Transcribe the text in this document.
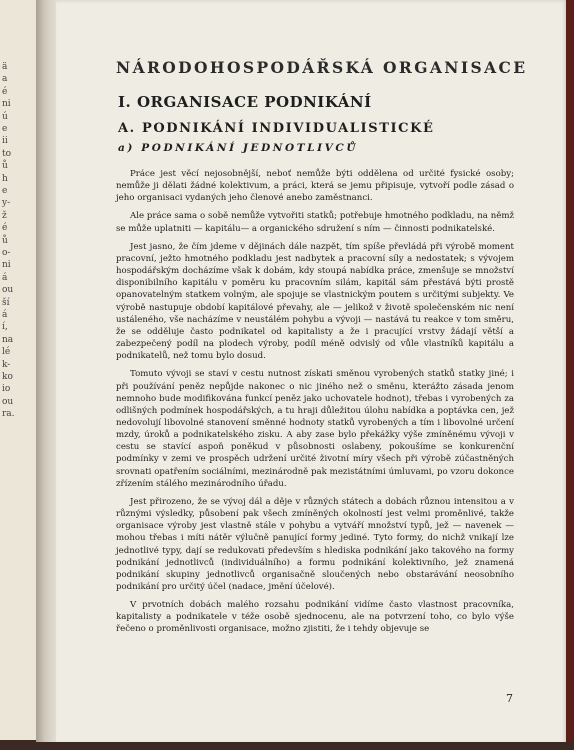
ä
a
é
ni
ú
e
ii
to
ů
h
e
y-
ž
é
ů
o-
ni
á
ou
ší
á
í,
na
lé
k-
ko
io
ou
ra.
NÁRODOHOSPODÁŘSKÁ ORGANISACE
I. ORGANISACE PODNIKÁNÍ
A. PODNIKÁNÍ INDIVIDUALISTICKÉ
a) PODNIKÁNÍ JEDNOTLIVCŮ

Práce jest věcí nejosobnější, neboť nemůže býti oddělena od určité fysické osoby; nemůže ji dělati žádné kolektivum, a práci, která se jemu připisuje, vytvoří podle zásad o jeho organisaci vydaných jeho členové anebo zaměstnanci.

Ale práce sama o sobě nemůže vytvořiti statků; potřebuje hmotného podkladu, na němž se může uplatniti — kapitálu— a organického sdružení s ním — činnosti podnikatelské.

Jest jasno, že čím jdeme v dějinách dále nazpět, tím spíše převládá při výrobě moment pracovní, ježto hmotného podkladu jest nadbytek a pracovní síly a nedostatek; s vývojem hospodářským docházíme však k dobám, kdy stoupá nabídka práce, zmenšuje se množství disponibilního kapitálu v poměru ku pracovním silám, kapitál sám přestává býti prostě opanovatelným statkem volným, ale spojuje se vlastnickým poutem s určitými subjekty. Ve výrobě nastupuje období kapitálové převahy, ale — jelikož v životě společenském nic není ustáleného, vše nacházíme v neustálém pohybu a vývoji — nastává tu reakce v tom směru, že se odděluje často podnikatel od kapitalisty a že i pracující vrstvy žádají větší a zabezpečený podíl na plodech výroby, podíl méně odvislý od vůle vlastníků kapitálu a podnikatelů, než tomu bylo dosud.

Tomuto vývoji se staví v cestu nutnost získati směnou vyrobených statků statky jiné; i při používání peněz nepůjde nakonec o nic jiného než o směnu, kterážto zásada jenom nemnoho bude modifikována funkcí peněz jako uchovatele hodnot), třebas i vyrobených za odlišných podmínek hospodářských, a tu hraji důležitou úlohu nabídka a poptávka cen, jež nedovolují libovolné stanovení směnné hodnoty statků vyrobených a tím i libovolné určení mzdy, úroků a podnikatelského zisku. A aby zase bylo překážky výše zmíněnému vývoji v cestu se stavící aspoň poněkud v působnosti oslabeny, pokoušíme se konkurenční podmínky v zemi ve prospěch udržení určité životní míry všech při výrobě zúčastněných srovnati opatřením sociálními, mezinárodně pak mezistátními úmluvami, po vzoru dokonce zřízením stálého mezinárodního úřadu.

Jest přirozeno, že se vývoj dál a děje v různých státech a dobách různou intensitou a v různými výsledky, působení pak všech zmíněných okolností jest velmi proměnlivé, takže organisace výroby jest vlastně stále v pohybu a vytváří množství typů, jež — navenek — mohou třebas i míti nátěr výlučně panující formy jediné. Tyto formy, do nichž vnikají lze jednotlivé typy, dají se redukovati především s hlediska podnikání jako takového na formy podnikání jednotlivců (individuálního) a formu podnikání kolektivního, jež znamená podnikání skupiny jednotlivců organisačně sloučených nebo obstarávání neosobního podnikání pro určitý účel (nadace, jmění účelové).

V prvotních dobách malého rozsahu podnikání vidíme často vlastnost pracovníka, kapitalisty a podnikatele v téže osobě sjednocenu, ale na potvrzení toho, co bylo výše řečeno o proměnlivosti organisace, možno zjistiti, že i tehdy objevuje se

7
